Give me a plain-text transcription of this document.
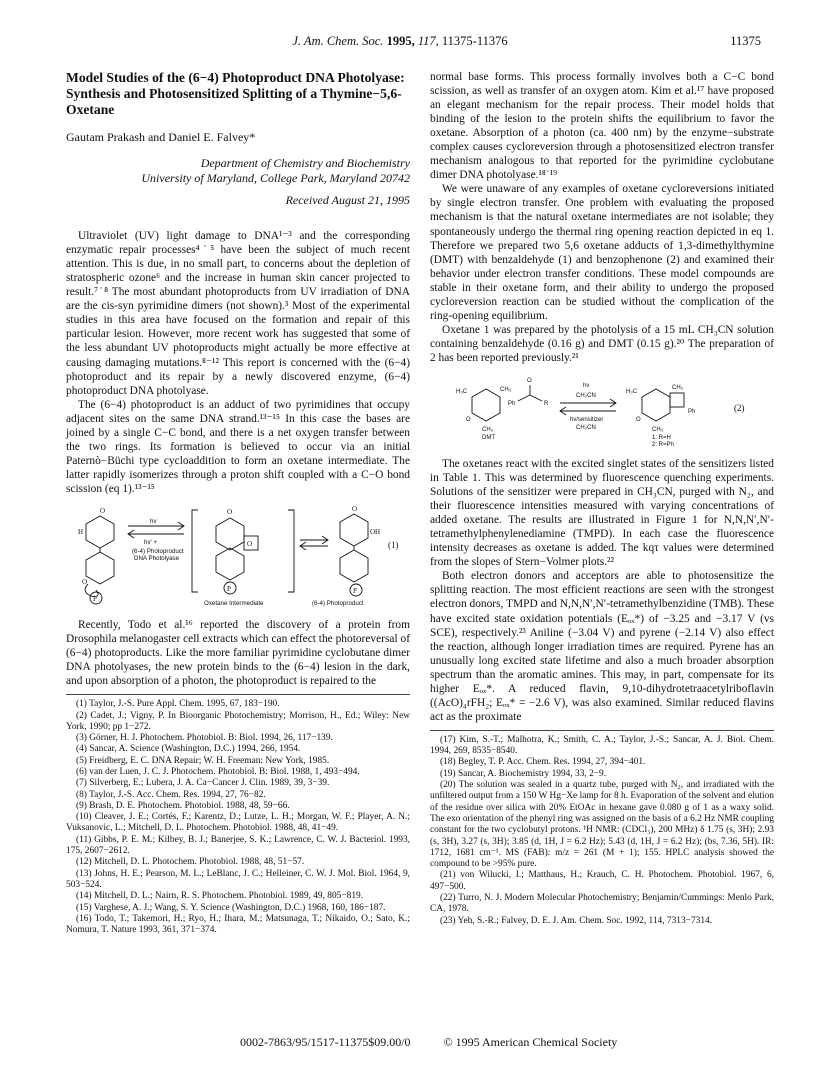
J. Am. Chem. Soc. 1995, 117, 11375-11376	11375
Model Studies of the (6−4) Photoproduct DNA Photolyase: Synthesis and Photosensitized Splitting of a Thymine−5,6-Oxetane
Gautam Prakash and Daniel E. Falvey*
Department of Chemistry and Biochemistry
University of Maryland, College Park, Maryland 20742
Received August 21, 1995

Ultraviolet (UV) light damage to DNA¹⁻³ and the corresponding enzymatic repair processes⁴˙⁵ have been the subject of much recent attention. This is due, in no small part, to concerns about the depletion of stratospheric ozone⁶ and the increase in human skin cancer projected to result.⁷˙⁸ The most abundant photoproducts from UV irradiation of DNA are the cis-syn pyrimidine dimers (not shown).³ Most of the experimental studies in this area have focused on the formation and repair of this particular lesion. However, more recent work has suggested that some of the less abundant UV photoproducts might actually be more effective at causing damaging mutations.⁸⁻¹² This report is concerned with the (6−4) photoproduct and its repair by a newly discovered enzyme, (6−4) photoproduct DNA photolyase.

The (6−4) photoproduct is an adduct of two pyrimidines that occupy adjacent sites on the same DNA strand.¹³⁻¹⁵ In this case the bases are joined by a single C−C bond, and there is a net oxygen transfer between the two rings. Its formation is believed to occur via an initial Paternò−Büchi type cycloaddition to form an oxetane intermediate. The latter rapidly isomerizes through a proton shift coupled with a C−O bond scission (eq 1).¹³⁻¹⁵

O
H
O
P
O
P
O
O
OH
P
hv
hv' +
(6-4) Photoproduct
DNA Photolyase
Oxetane Intermediate	(6-4) Photoproduct
(1)

Recently, Todo et al.¹⁶ reported the discovery of a protein from Drosophila melanogaster cell extracts which can effect the photoreversal of (6−4) photoproducts. Like the more familiar pyrimidine cyclobutane dimer DNA photolyases, the new protein binds to the (6−4) lesion in the dark, and upon absorption of a photon, the photoproduct is repaired to the

(1) Taylor, J.-S. Pure Appl. Chem. 1995, 67, 183−190.

(2) Cadet, J.; Vigny, P. In Bioorganic Photochemistry; Morrison, H., Ed.; Wiley: New York, 1990; pp 1−272.

(3) Görner, H. J. Photochem. Photobiol. B: Biol. 1994, 26, 117−139.

(4) Sancar, A. Science (Washington, D.C.) 1994, 266, 1954.

(5) Freidberg, E. C. DNA Repair; W. H. Freeman: New York, 1985.

(6) van der Luen, J. C. J. Photochem. Photobiol. B: Biol. 1988, 1, 493−494.

(7) Silverberg, E.; Lubera, J. A. Ca−Cancer J. Clin. 1989, 39, 3−39.

(8) Taylor, J.-S. Acc. Chem. Res. 1994, 27, 76−82.

(9) Brash, D. E. Photochem. Photobiol. 1988, 48, 59−66.

(10) Cleaver, J. E.; Cortés, F.; Karentz, D.; Lutze, L. H.; Morgan, W. F.; Player, A. N.; Vuksanovic, L.; Mitchell, D. L. Photochem. Photobiol. 1988, 48, 41−49.

(11) Gibbs, P. E. M.; Kilbey, B. J.; Banerjee, S. K.; Lawrence, C. W. J. Bacteriol. 1993, 175, 2607−2612.

(12) Mitchell, D. L. Photochem. Photobiol. 1988, 48, 51−57.

(13) Johns, H. E.; Pearson, M. L.; LeBlanc, J. C.; Helleiner, C. W. J. Mol. Biol. 1964, 9, 503−524.

(14) Mitchell, D. L.; Nairn, R. S. Photochem. Photobiol. 1989, 49, 805−819.

(15) Varghese, A. J.; Wang, S. Y. Science (Washington, D.C.) 1968, 160, 186−187.

(16) Todo, T.; Takemori, H.; Ryo, H.; Ihara, M.; Matsunaga, T.; Nikaido, O.; Sato, K.; Nomura, T. Nature 1993, 361, 371−374.

normal base forms. This process formally involves both a C−C bond scission, as well as transfer of an oxygen atom. Kim et al.¹⁷ have proposed an elegant mechanism for the repair process. Their model holds that binding of the lesion to the protein shifts the equilibrium to favor the oxetane. Absorption of a photon (ca. 400 nm) by the enzyme−substrate complex causes cycloreversion through a photosensitized electron transfer mechanism analogous to that reported for the pyrimidine cyclobutane dimer DNA photolyase.¹⁸˙¹⁹

We were unaware of any examples of oxetane cycloreversions initiated by single electron transfer. One problem with evaluating the proposed mechanism is that the natural oxetane intermediates are not isolable; they spontaneously undergo the thermal ring opening reaction depicted in eq 1. Therefore we prepared two 5,6 oxetane adducts of 1,3-dimethylthymine (DMT) with benzaldehyde (1) and benzophenone (2) and examined their behavior under electron transfer conditions. These model compounds are stable in their oxetane form, and their ability to undergo the proposed cycloreversion reaction can be studied without the complication of the ring-opening equilibrium.

Oxetane 1 was prepared by the photolysis of a 15 mL CH₃CN solution containing benzaldehyde (0.16 g) and DMT (0.15 g).²⁰ The preparation of 2 has been reported previously.²¹

H₃C	CH₃
O
CH₃
DMT
O
Ph	R
hv
CH₃CN
hv/sensitizer
CH₃CN
H₃C
CH₃
Ph
O
CH₃
1: R=H
2: R=Ph
(2)

The oxetanes react with the excited singlet states of the sensitizers listed in Table 1. This was determined by fluorescence quenching experiments. Solutions of the sensitizer were prepared in CH₃CN, purged with N₂, and their fluorescence intensities measured with varying concentrations of added oxetane. The results are illustrated in Figure 1 for N,N,N′,N′-tetramethylphenylenediamine (TMPD). In each case the fluorescence intensity decreases as oxetane is added. The kqτ values were determined from the slopes of Stern−Volmer plots.²²

Both electron donors and acceptors are able to photosensitize the splitting reaction. The most efficient reactions are seen with the strongest electron donors, TMPD and N,N,N′,N′-tetramethylbenzidine (TMB). These have excited state oxidation potentials (Eₒₓ*) of −3.25 and −3.17 V (vs SCE), respectively.²³ Aniline (−3.04 V) and pyrene (−2.14 V) also effect the reaction, although longer irradiation times are required. Pyrene has an unusually long excited state lifetime and also a much broader absorption spectrum than the aromatic amines. This may, in part, compensate for its higher Eₒₓ*. A reduced flavin, 9,10-dihydrotetraacetylriboflavin ((AcO)₄rFH₂; Eₒₓ* = −2.6 V), was also examined. Similar reduced flavins act as the proximate

(17) Kim, S.-T.; Malhotra, K.; Smith, C. A.; Taylor, J.-S.; Sancar, A. J. Biol. Chem. 1994, 269, 8535−8540.

(18) Begley, T. P. Acc. Chem. Res. 1994, 27, 394−401.

(19) Sancar, A. Biochemistry 1994, 33, 2−9.

(20) The solution was sealed in a quartz tube, purged with N₂, and irradiated with the unfiltered output from a 150 W Hg−Xe lamp for 8 h. Evaporation of the solvent and elution of the residue over silica with 20% EtOAc in hexane gave 0.080 g of 1 as a waxy solid. The exo orientation of the phenyl ring was assigned on the basis of a 6.2 Hz NMR coupling constant for the two cyclobutyl protons. ¹H NMR: (CDCl₃), 200 MHz) δ 1.75 (s, 3H); 2.93 (s, 3H), 3.27 (s, 3H); 3.85 (d, 1H, J = 6.2 Hz); 5.43 (d, 1H, J = 6.2 Hz); (bs, 7.36, 5H). IR: 1712, 1681 cm⁻¹. MS (FAB): m/z = 261 (M + 1); 155. HPLC analysis showed the compound to be >95% pure.

(21) von Wilucki, I.; Matthaus, H.; Krauch, C. H. Photochem. Photobiol. 1967, 6, 497−500.

(22) Turro, N. J. Modern Molecular Photochemistry; Benjamin/Cummings: Menlo Park, CA, 1978.

(23) Yeh, S.-R.; Falvey, D. E. J. Am. Chem. Soc. 1992, 114, 7313−7314.

0002-7863/95/1517-11375$09.00/0	© 1995 American Chemical Society
